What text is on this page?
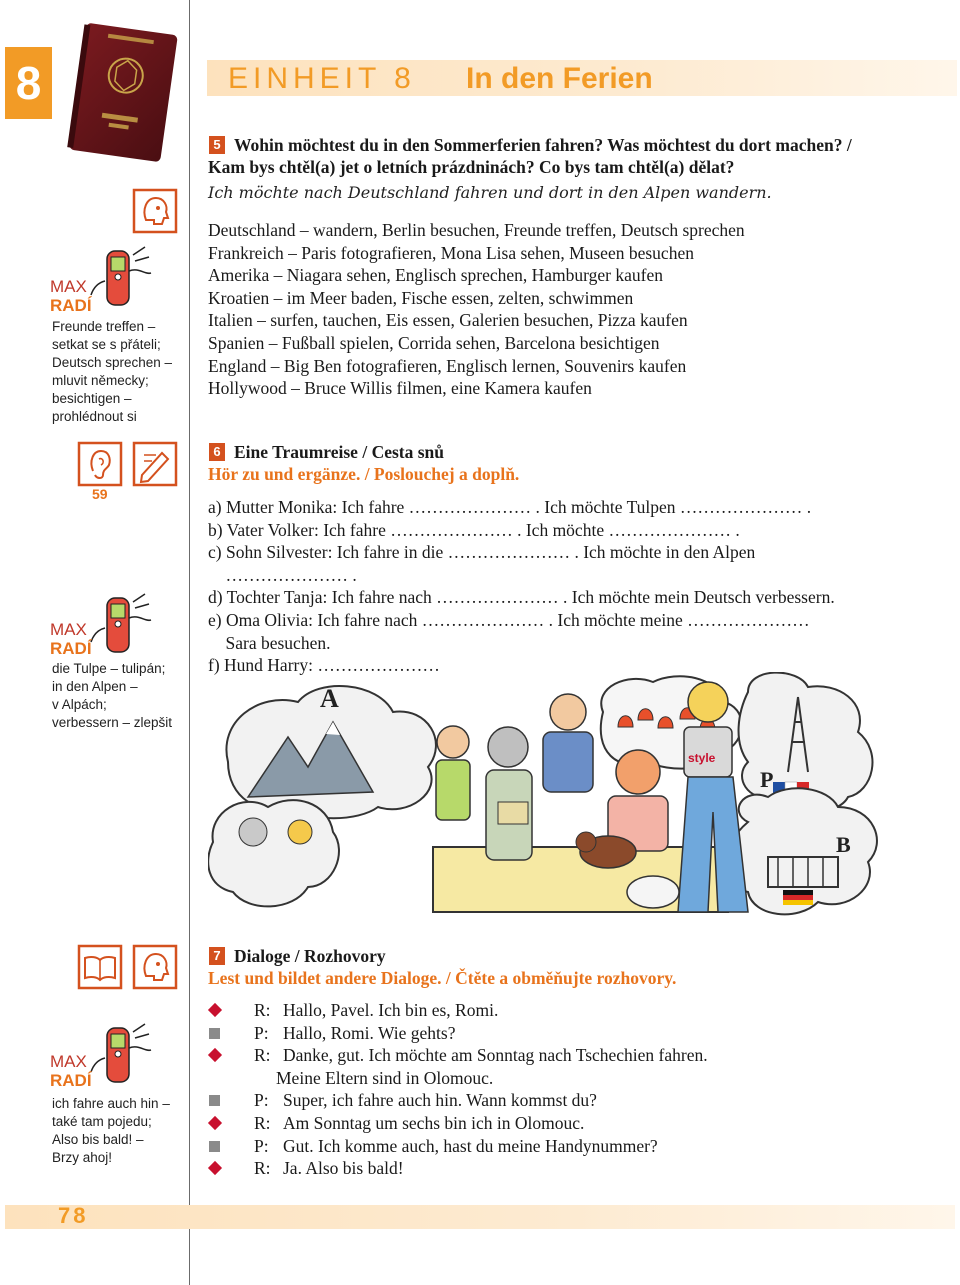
8	EINHEIT 8 In den Ferien
MAX
RADÍ
Freunde treffen –
setkat se s přáteli;
Deutsch sprechen –
mluvit německy;
besichtigen –
prohlédnout si
59
MAX
RADÍ
die Tulpe – tulipán;
in den Alpen –
v Alpách;
verbessern – zlepšit
MAX
RADÍ
ich fahre auch hin –
také tam pojedu;
Also bis bald! –
Brzy ahoj!
5 Wohin möchtest du in den Sommerferien fahren? Was möchtest du dort machen? /
Kam bys chtěl(a) jet o letních prázdninách? Co bys tam chtěl(a) dělat?
Ich möchte nach Deutschland fahren und dort in den Alpen wandern.
Deutschland – wandern, Berlin besuchen, Freunde treffen, Deutsch sprechen
Frankreich – Paris fotografieren, Mona Lisa sehen, Museen besuchen
Amerika – Niagara sehen, Englisch sprechen, Hamburger kaufen
Kroatien – im Meer baden, Fische essen, zelten, schwimmen
Italien – surfen, tauchen, Eis essen, Galerien besuchen, Pizza kaufen
Spanien – Fußball spielen, Corrida sehen, Barcelona besichtigen
England – Big Ben fotografieren, Englisch lernen, Souvenirs kaufen
Hollywood – Bruce Willis filmen, eine Kamera kaufen
6 Eine Traumreise / Cesta snů
Hör zu und ergänze. / Poslouchej a doplň.
a) Mutter Monika: Ich fahre ………………… . Ich möchte Tulpen ………………… .
b) Vater Volker: Ich fahre ………………… . Ich möchte ………………… .
c) Sohn Silvester: Ich fahre in die ………………… . Ich möchte in den Alpen
………………… .
d) Tochter Tanja: Ich fahre nach ………………… . Ich möchte mein Deutsch verbessern.
e) Oma Olivia: Ich fahre nach ………………… . Ich möchte meine …………………
Sara besuchen.
f) Hund Harry: …………………
A
P
B
style
7 Dialoge / Rozhovory
Lest und bildet andere Dialoge. / Čtěte a obměňujte rozhovory.
R: Hallo, Pavel. Ich bin es, Romi.
P: Hallo, Romi. Wie gehts?
R: Danke, gut. Ich möchte am Sonntag nach Tschechien fahren.
Meine Eltern sind in Olomouc.
P: Super, ich fahre auch hin. Wann kommst du?
R: Am Sonntag um sechs bin ich in Olomouc.
P: Gut. Ich komme auch, hast du meine Handynummer?
R: Ja. Also bis bald!
78
